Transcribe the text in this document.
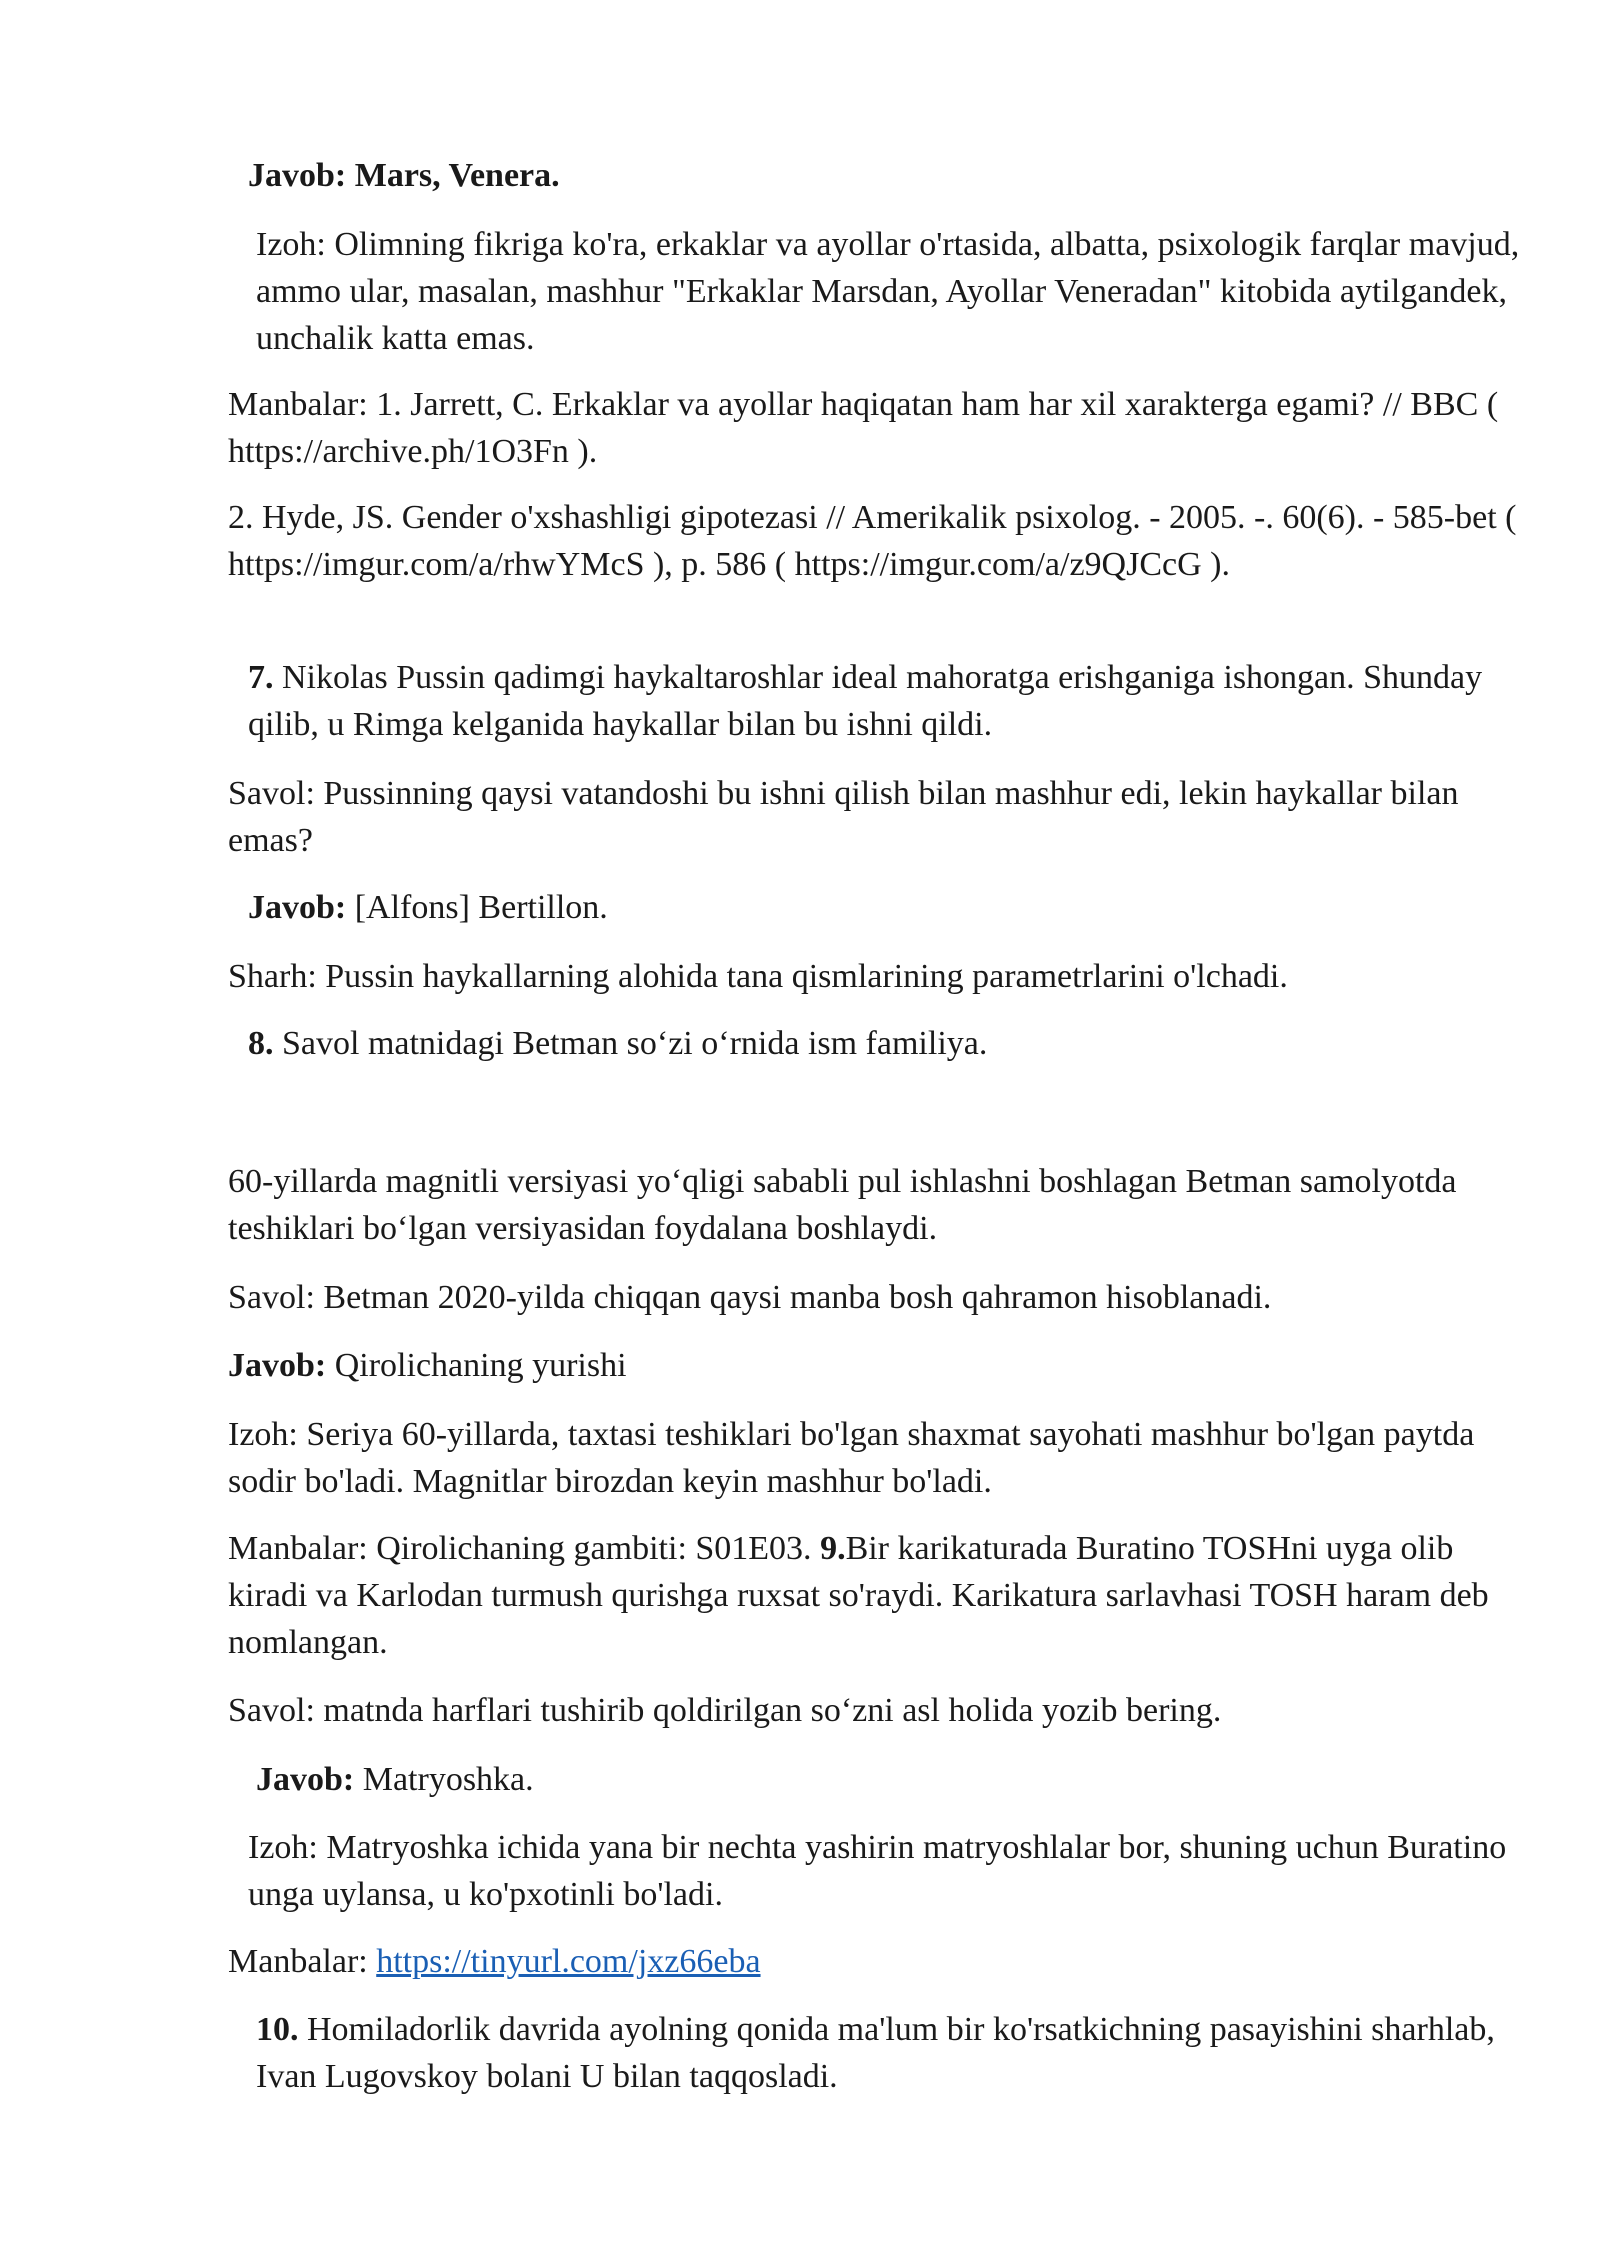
Javob: Mars, Venera.

Izoh: Olimning fikriga ko'ra, erkaklar va ayollar o'rtasida, albatta, psixologik farqlar mavjud, ammo ular, masalan, mashhur "Erkaklar Marsdan, Ayollar Veneradan" kitobida aytilgandek, unchalik katta emas.

Manbalar: 1. Jarrett, C. Erkaklar va ayollar haqiqatan ham har xil xarakterga egami? // BBC ( https://archive.ph/1O3Fn ).

2. Hyde, JS. Gender o'xshashligi gipotezasi // Amerikalik psixolog. - 2005. -. 60(6). - 585-bet ( https://imgur.com/a/rhwYMcS ), p. 586 ( https://imgur.com/a/z9QJCcG ).

7. Nikolas Pussin qadimgi haykaltaroshlar ideal mahoratga erishganiga ishongan. Shunday qilib, u Rimga kelganida haykallar bilan bu ishni qildi.

Savol: Pussinning qaysi vatandoshi bu ishni qilish bilan mashhur edi, lekin haykallar bilan emas?

Javob: [Alfons] Bertillon.

Sharh: Pussin haykallarning alohida tana qismlarining parametrlarini o'lchadi.

8. Savol matnidagi Betman so‘zi o‘rnida ism familiya.

60-yillarda magnitli versiyasi yo‘qligi sababli pul ishlashni boshlagan Betman samolyotda teshiklari bo‘lgan versiyasidan foydalana boshlaydi.

Savol: Betman 2020-yilda chiqqan qaysi manba bosh qahramon hisoblanadi.

Javob: Qirolichaning yurishi

Izoh: Seriya 60-yillarda, taxtasi teshiklari bo'lgan shaxmat sayohati mashhur bo'lgan paytda sodir bo'ladi. Magnitlar birozdan keyin mashhur bo'ladi.

Manbalar: Qirolichaning gambiti: S01E03. 9.Bir karikaturada Buratino TOSHni uyga olib kiradi va Karlodan turmush qurishga ruxsat so'raydi. Karikatura sarlavhasi TOSH haram deb nomlangan.

Savol: matnda harflari tushirib qoldirilgan so‘zni asl holida yozib bering.

Javob: Matryoshka.

Izoh: Matryoshka ichida yana bir nechta yashirin matryoshlalar bor, shuning uchun Buratino unga uylansa, u ko'pxotinli bo'ladi.

Manbalar: https://tinyurl.com/jxz66eba

10. Homiladorlik davrida ayolning qonida ma'lum bir ko'rsatkichning pasayishini sharhlab, Ivan Lugovskoy bolani U bilan taqqosladi.
